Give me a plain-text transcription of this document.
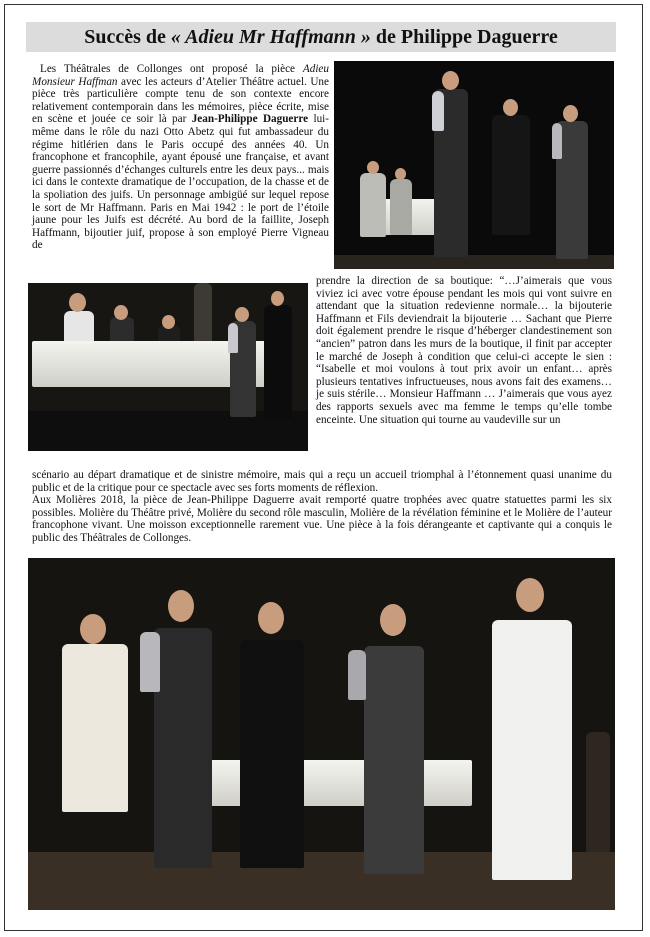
Succès de « Adieu Mr Haffmann » de Philippe Daguerre

Les Théâtrales de Collonges ont proposé la pièce Adieu Monsieur Haffman avec les acteurs d’Atelier Théâtre actuel. Une pièce très particulière compte tenu de son contexte encore relativement contemporain dans les mémoires, pièce écrite, mise en scène et jouée ce soir là par Jean-Philippe Daguerre lui-même dans le rôle du nazi Otto Abetz qui fut ambassadeur du régime hitlérien dans le Paris occupé des années 40. Un francophone et francophile, ayant épousé une française, et avant guerre passionnés d’échanges culturels entre les deux pays... mais ici dans le contexte dramatique de l’occupation, de la chasse et de la spoliation des juifs. Un personnage ambigüé sur lequel repose le sort de Mr Haffmann. Paris en Mai 1942 : le port de l’étoile jaune pour les Juifs est décrété. Au bord de la faillite, Joseph Haffmann, bijoutier juif, propose à son employé Pierre Vigneau de

prendre la direction de sa boutique: “…J’aimerais que vous viviez ici avec votre épouse pendant les mois qui vont suivre en attendant que la situation redevienne normale… la bijouterie Haffmann et Fils deviendrait la bijouterie … Sachant que Pierre doit également prendre le risque d’héberger clandestinement son “ancien” patron dans les murs de la boutique, il finit par accepter le marché de Joseph à condition que celui-ci accepte le sien : “Isabelle et moi voulons à tout prix avoir un enfant… après plusieurs tentatives infructueuses, nous avons fait des examens… je suis stérile… Monsieur Haffmann … J’aimerais que vous ayez des rapports sexuels avec ma femme le temps qu’elle tombe enceinte. Une situation qui tourne au vaudeville sur un

scénario au départ dramatique et de sinistre mémoire, mais qui a reçu un accueil triomphal à l’étonnement quasi unanime du public et de la critique pour ce spectacle avec ses forts moments de réflexion.

Aux Molières 2018, la pièce de Jean-Philippe Daguerre avait remporté quatre trophées avec quatre statuettes parmi les six possibles. Molière du Théâtre privé, Molière du second rôle masculin, Molière de la révélation féminine et le Molière de l’auteur francophone vivant. Une moisson exceptionnelle rarement vue. Une pièce à la fois dérangeante et captivante qui a conquis le public des Théâtrales de Collonges.
